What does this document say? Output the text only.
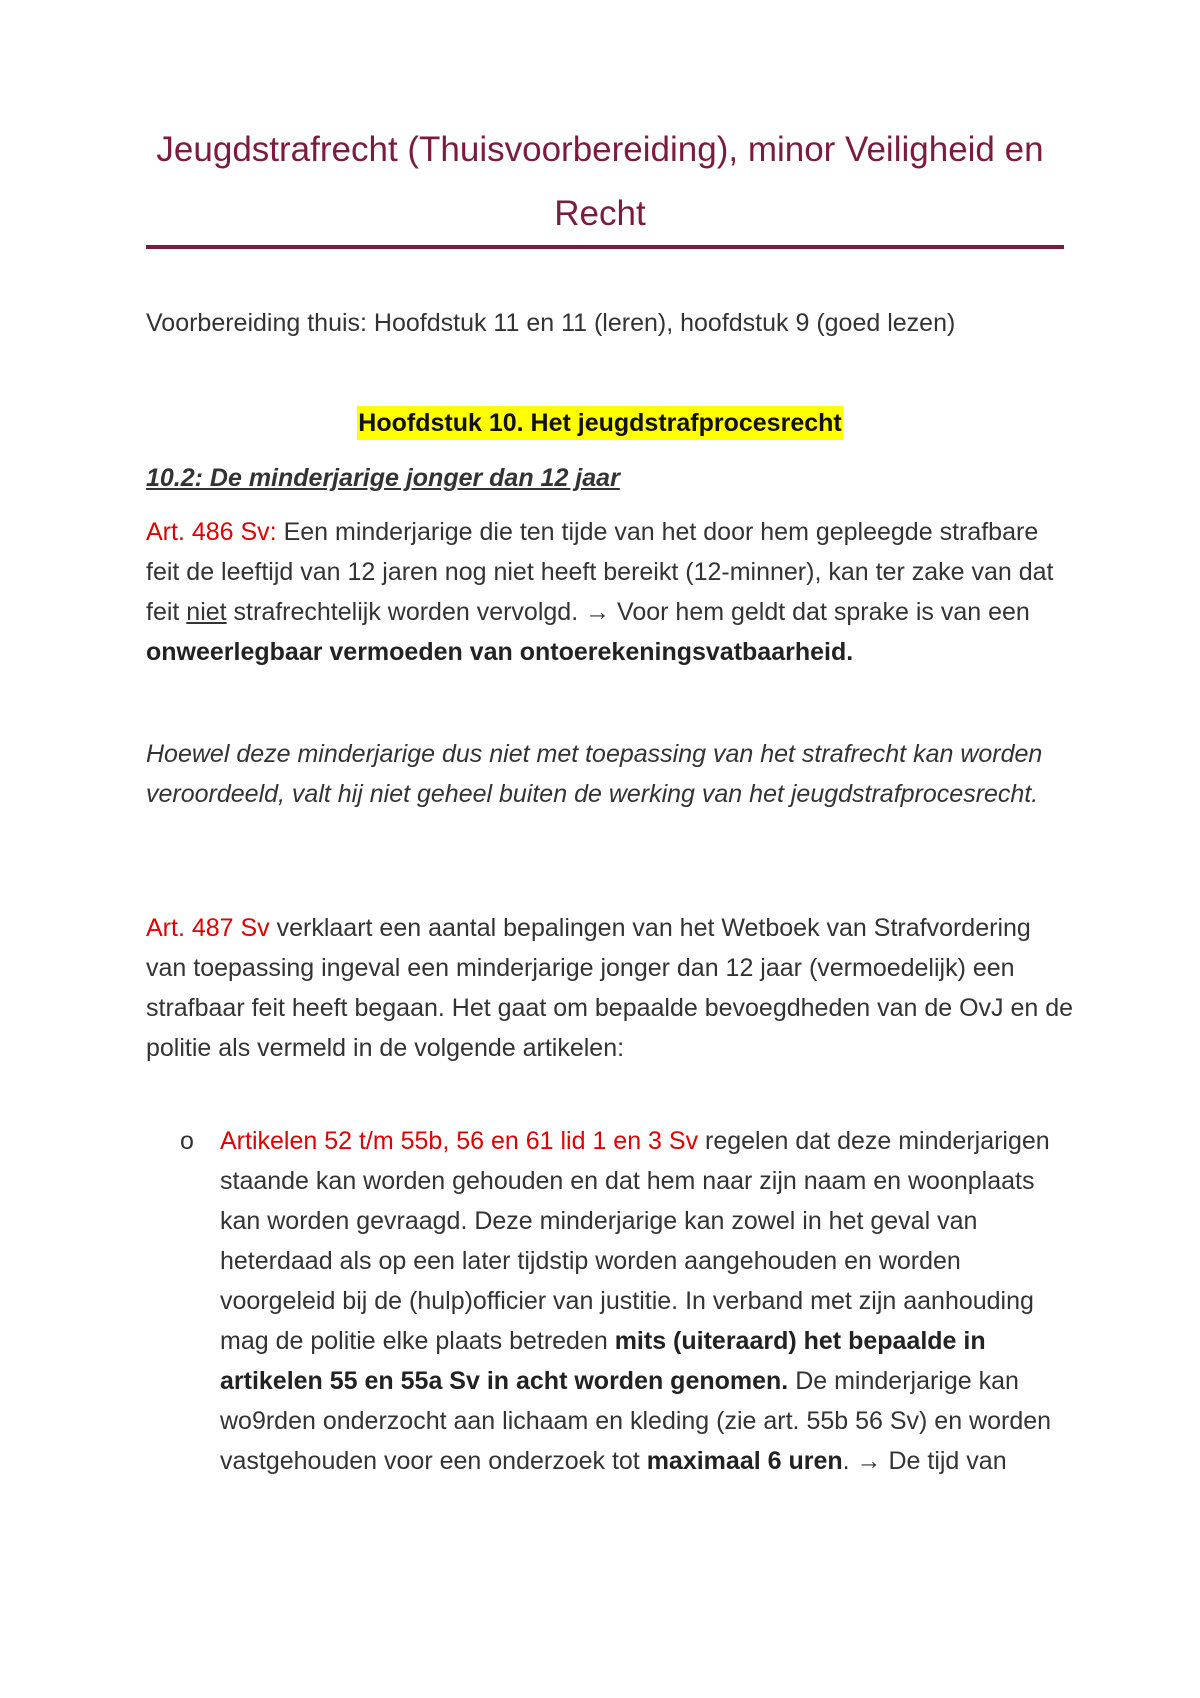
Jeugdstrafrecht (Thuisvoorbereiding), minor Veiligheid en Recht
Voorbereiding thuis: Hoofdstuk 11 en 11 (leren), hoofdstuk 9 (goed lezen)
Hoofdstuk 10. Het jeugdstrafprocesrecht
10.2: De minderjarige jonger dan 12 jaar
Art. 486 Sv: Een minderjarige die ten tijde van het door hem gepleegde strafbare feit de leeftijd van 12 jaren nog niet heeft bereikt (12-minner), kan ter zake van dat feit niet strafrechtelijk worden vervolgd. → Voor hem geldt dat sprake is van een onweerlegbaar vermoeden van ontoerekeningsvatbaarheid.
Hoewel deze minderjarige dus niet met toepassing van het strafrecht kan worden veroordeeld, valt hij niet geheel buiten de werking van het jeugdstrafprocesrecht.
Art. 487 Sv verklaart een aantal bepalingen van het Wetboek van Strafvordering van toepassing ingeval een minderjarige jonger dan 12 jaar (vermoedelijk) een strafbaar feit heeft begaan. Het gaat om bepaalde bevoegdheden van de OvJ en de politie als vermeld in de volgende artikelen:
o Artikelen 52 t/m 55b, 56 en 61 lid 1 en 3 Sv regelen dat deze minderjarigen staande kan worden gehouden en dat hem naar zijn naam en woonplaats kan worden gevraagd. Deze minderjarige kan zowel in het geval van heterdaad als op een later tijdstip worden aangehouden en worden voorgeleid bij de (hulp)officier van justitie. In verband met zijn aanhouding mag de politie elke plaats betreden mits (uiteraard) het bepaalde in artikelen 55 en 55a Sv in acht worden genomen. De minderjarige kan wo9rden onderzocht aan lichaam en kleding (zie art. 55b 56 Sv) en worden vastgehouden voor een onderzoek tot maximaal 6 uren. → De tijd van
